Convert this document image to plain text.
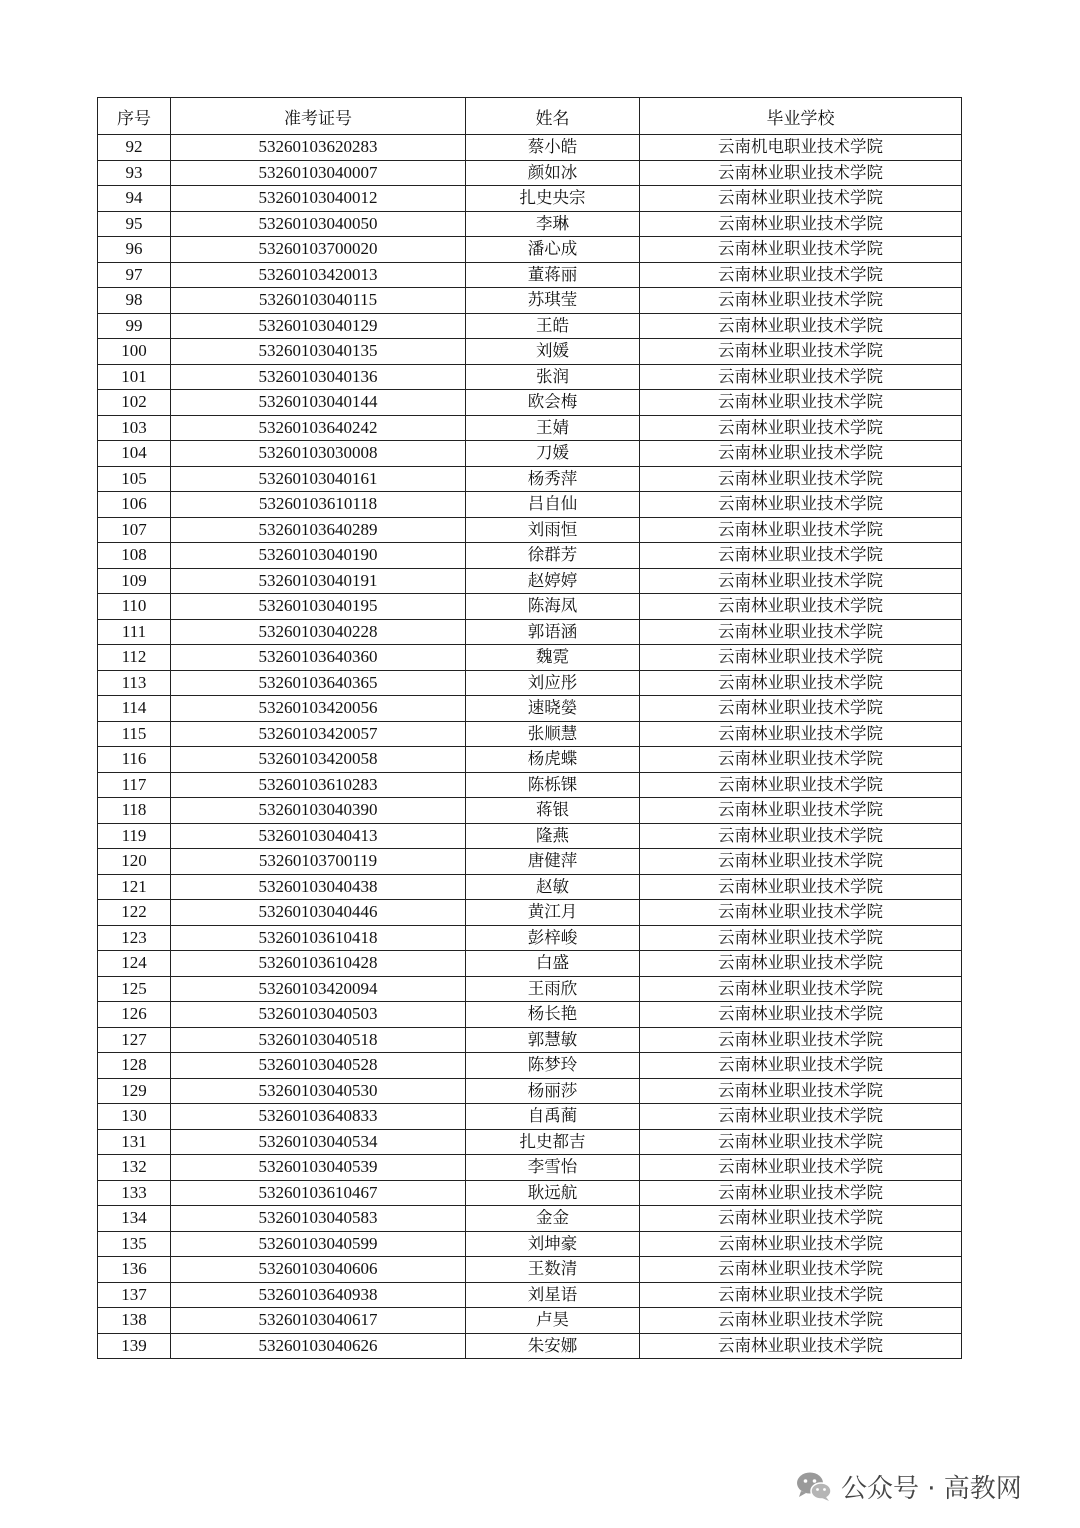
序号	准考证号	姓名	毕业学校
92	53260103620283	蔡小皓	云南机电职业技术学院
93	53260103040007	颜如冰	云南林业职业技术学院
94	53260103040012	扎史央宗	云南林业职业技术学院
95	53260103040050	李琳	云南林业职业技术学院
96	53260103700020	潘心成	云南林业职业技术学院
97	53260103420013	董蒋丽	云南林业职业技术学院
98	53260103040115	苏琪莹	云南林业职业技术学院
99	53260103040129	王皓	云南林业职业技术学院
100	53260103040135	刘媛	云南林业职业技术学院
101	53260103040136	张润	云南林业职业技术学院
102	53260103040144	欧会梅	云南林业职业技术学院
103	53260103640242	王婧	云南林业职业技术学院
104	53260103030008	刀媛	云南林业职业技术学院
105	53260103040161	杨秀萍	云南林业职业技术学院
106	53260103610118	吕自仙	云南林业职业技术学院
107	53260103640289	刘雨恒	云南林业职业技术学院
108	53260103040190	徐群芳	云南林业职业技术学院
109	53260103040191	赵婷婷	云南林业职业技术学院
110	53260103040195	陈海凤	云南林业职业技术学院
111	53260103040228	郭语涵	云南林业职业技术学院
112	53260103640360	魏霓	云南林业职业技术学院
113	53260103640365	刘应彤	云南林业职业技术学院
114	53260103420056	速晓嫈	云南林业职业技术学院
115	53260103420057	张顺慧	云南林业职业技术学院
116	53260103420058	杨虎蝶	云南林业职业技术学院
117	53260103610283	陈栎锞	云南林业职业技术学院
118	53260103040390	蒋银	云南林业职业技术学院
119	53260103040413	隆燕	云南林业职业技术学院
120	53260103700119	唐健萍	云南林业职业技术学院
121	53260103040438	赵敏	云南林业职业技术学院
122	53260103040446	黄江月	云南林业职业技术学院
123	53260103610418	彭梓峻	云南林业职业技术学院
124	53260103610428	白盛	云南林业职业技术学院
125	53260103420094	王雨欣	云南林业职业技术学院
126	53260103040503	杨长艳	云南林业职业技术学院
127	53260103040518	郭慧敏	云南林业职业技术学院
128	53260103040528	陈梦玲	云南林业职业技术学院
129	53260103040530	杨丽莎	云南林业职业技术学院
130	53260103640833	自禹蔺	云南林业职业技术学院
131	53260103040534	扎史都吉	云南林业职业技术学院
132	53260103040539	李雪怡	云南林业职业技术学院
133	53260103610467	耿远航	云南林业职业技术学院
134	53260103040583	金金	云南林业职业技术学院
135	53260103040599	刘坤豪	云南林业职业技术学院
136	53260103040606	王数清	云南林业职业技术学院
137	53260103640938	刘星语	云南林业职业技术学院
138	53260103040617	卢昊	云南林业职业技术学院
139	53260103040626	朱安娜	云南林业职业技术学院
公众号 · 高教网
